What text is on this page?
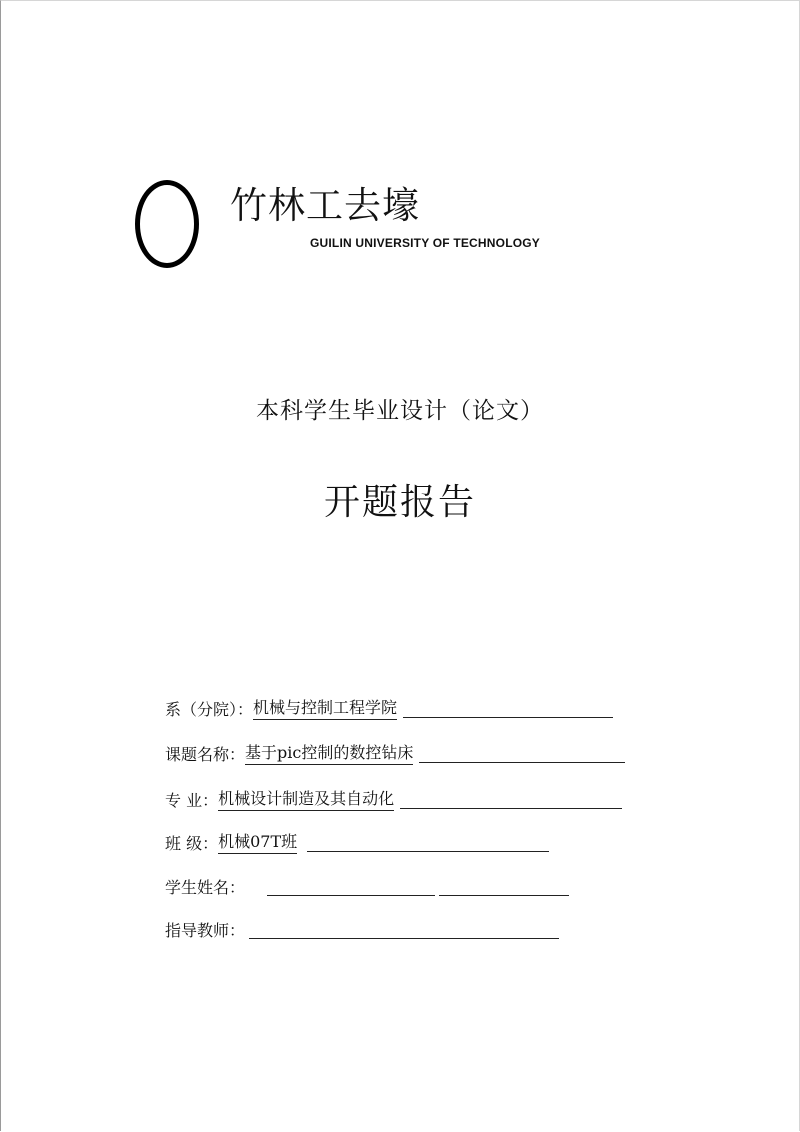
竹林工去壕
GUILIN UNIVERSITY OF TECHNOLOGY
本科学生毕业设计（论文）
开题报告
系（分院）： 机械与控制工程学院
课题名称： 基于pic控制的数控钻床
专 业： 机械设计制造及其自动化
班 级： 机械07T班
学生姓名：
指导教师：
